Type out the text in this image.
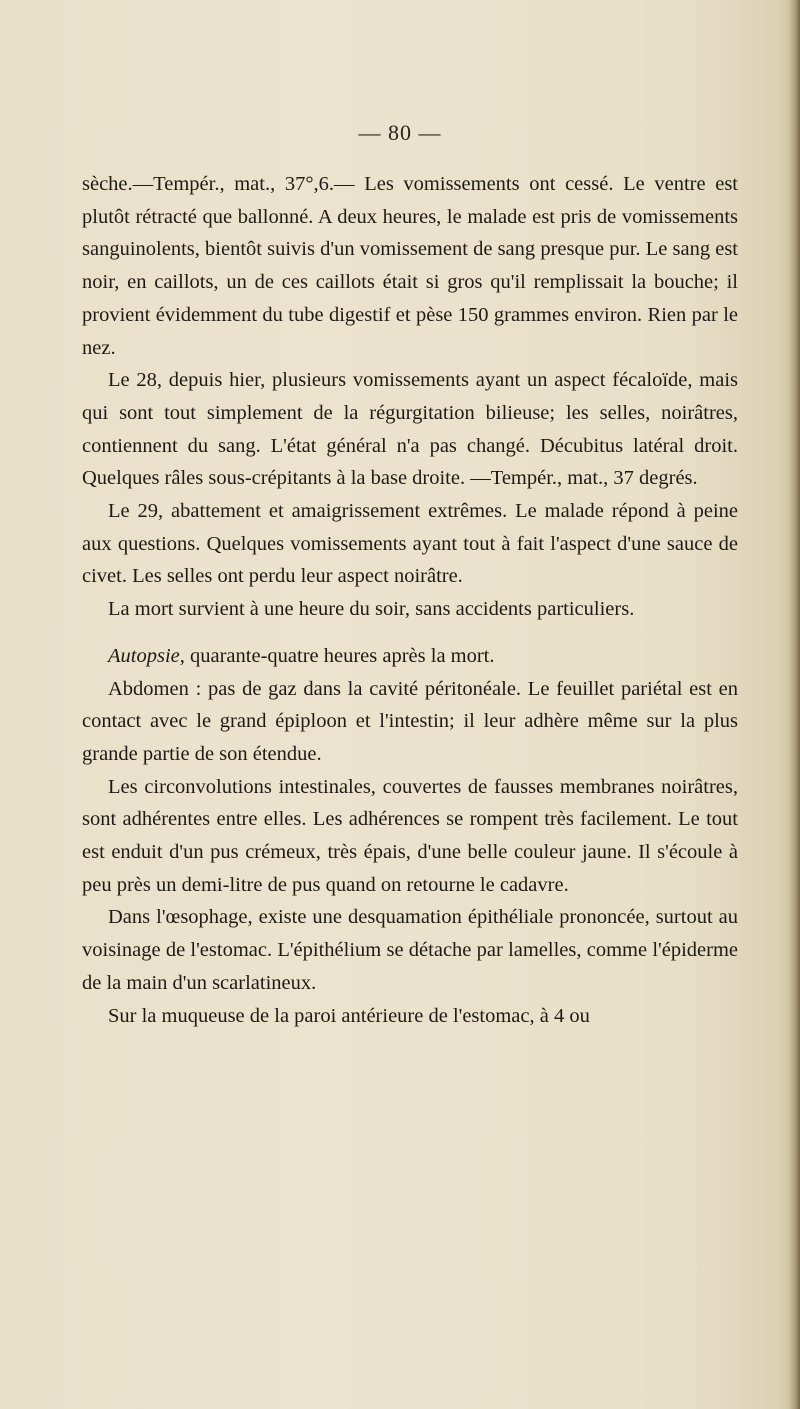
— 80 —

sèche.—Tempér., mat., 37°,6.— Les vomissements ont cessé. Le ventre est plutôt rétracté que ballonné. A deux heures, le malade est pris de vomissements sanguinolents, bientôt suivis d'un vomissement de sang presque pur. Le sang est noir, en caillots, un de ces caillots était si gros qu'il remplissait la bouche; il provient évidemment du tube digestif et pèse 150 grammes environ. Rien par le nez.

Le 28, depuis hier, plusieurs vomissements ayant un aspect fécaloïde, mais qui sont tout simplement de la régurgitation bilieuse; les selles, noirâtres, contiennent du sang. L'état général n'a pas changé. Décubitus latéral droit. Quelques râles sous-crépitants à la base droite. —Tempér., mat., 37 degrés.

Le 29, abattement et amaigrissement extrêmes. Le malade répond à peine aux questions. Quelques vomissements ayant tout à fait l'aspect d'une sauce de civet. Les selles ont perdu leur aspect noirâtre.

La mort survient à une heure du soir, sans accidents particuliers.

Autopsie, quarante-quatre heures après la mort.

Abdomen : pas de gaz dans la cavité péritonéale. Le feuillet pariétal est en contact avec le grand épiploon et l'intestin; il leur adhère même sur la plus grande partie de son étendue.

Les circonvolutions intestinales, couvertes de fausses membranes noirâtres, sont adhérentes entre elles. Les adhérences se rompent très facilement. Le tout est enduit d'un pus crémeux, très épais, d'une belle couleur jaune. Il s'écoule à peu près un demi-litre de pus quand on retourne le cadavre.

Dans l'œsophage, existe une desquamation épithéliale prononcée, surtout au voisinage de l'estomac. L'épithélium se détache par lamelles, comme l'épiderme de la main d'un scarlatineux.

Sur la muqueuse de la paroi antérieure de l'estomac, à 4 ou
